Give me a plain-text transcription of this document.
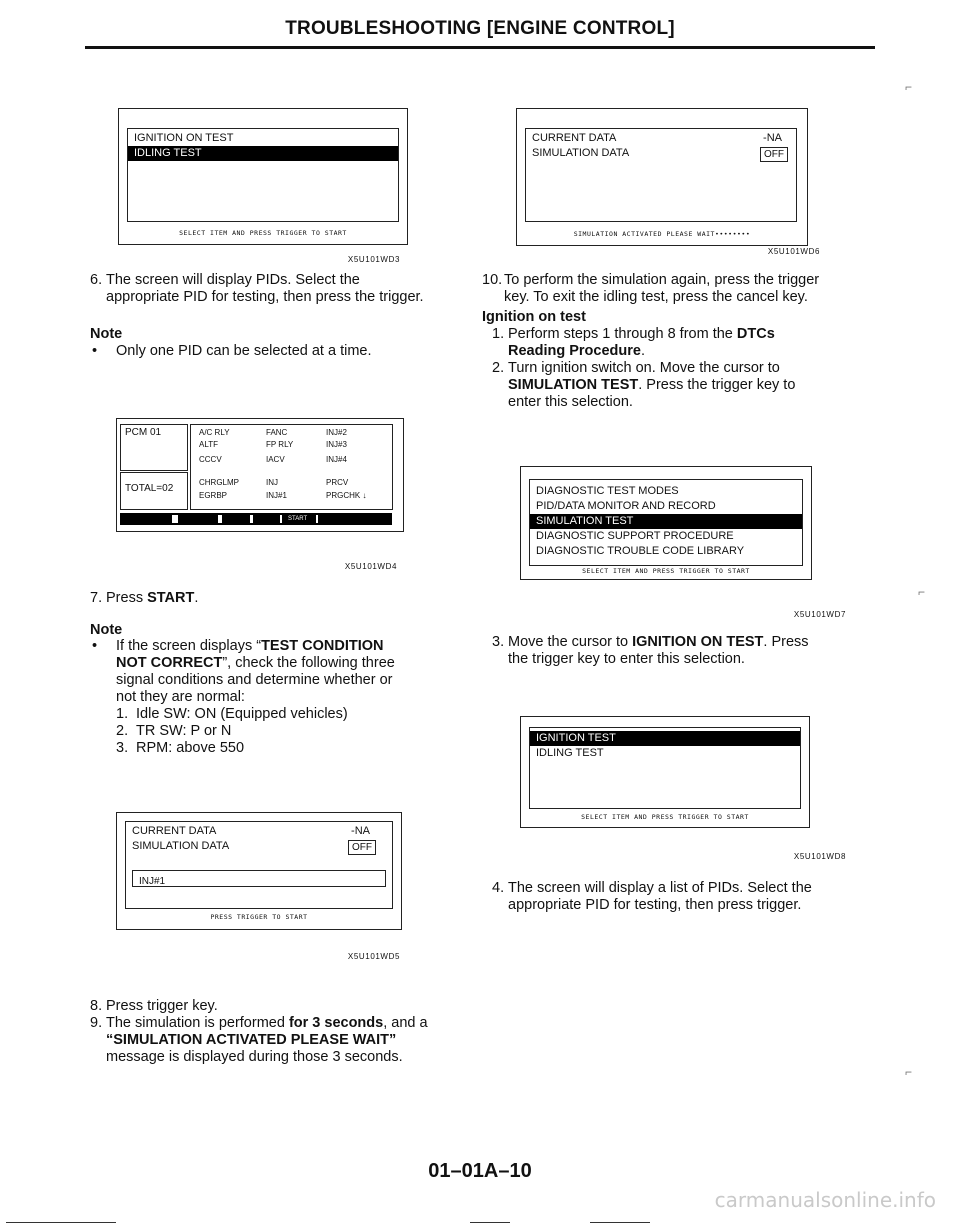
TROUBLESHOOTING [ENGINE CONTROL]
IGNITION ON TEST
IDLING TEST
SELECT ITEM AND PRESS TRIGGER TO START
X5U101WD3
6. The screen will display PIDs. Select the
appropriate PID for testing, then press the trigger.
Note
• Only one PID can be selected at a time.
PCM 01
TOTAL=02
A/C RLY	FANC	INJ#2
ALTF	FP RLY	INJ#3
CCCV	IACV	INJ#4
CHRGLMP	INJ	PRCV
EGRBP	INJ#1	PRGCHK ↓
START
X5U101WD4
7. Press START.
Note
• If the screen displays “TEST CONDITION
NOT CORRECT”, check the following three
signal conditions and determine whether or
not they are normal:
1. Idle SW: ON (Equipped vehicles)
2. TR SW: P or N
3. RPM: above 550
CURRENT DATA	-NA
SIMULATION DATA	OFF
INJ#1
PRESS TRIGGER TO START
X5U101WD5
8. Press trigger key.
9. The simulation is performed for 3 seconds, and a
“SIMULATION ACTIVATED PLEASE WAIT”
message is displayed during those 3 seconds.
CURRENT DATA	-NA
SIMULATION DATA	OFF
SIMULATION ACTIVATED PLEASE WAIT••••••••
X5U101WD6
⌐
10. To perform the simulation again, press the trigger
key. To exit the idling test, press the cancel key.
Ignition on test
1. Perform steps 1 through 8 from the DTCs
Reading Procedure.
2. Turn ignition switch on. Move the cursor to
SIMULATION TEST. Press the trigger key to
enter this selection.
DIAGNOSTIC TEST MODES
PID/DATA MONITOR AND RECORD
SIMULATION TEST
DIAGNOSTIC SUPPORT PROCEDURE
DIAGNOSTIC TROUBLE CODE LIBRARY
SELECT ITEM AND PRESS TRIGGER TO START
X5U101WD7
⌐
3. Move the cursor to IGNITION ON TEST. Press
the trigger key to enter this selection.
IGNITION TEST
IDLING TEST
SELECT ITEM AND PRESS TRIGGER TO START
X5U101WD8
4. The screen will display a list of PIDs. Select the
appropriate PID for testing, then press trigger.
⌐
01–01A–10
carmanualsonline.info
